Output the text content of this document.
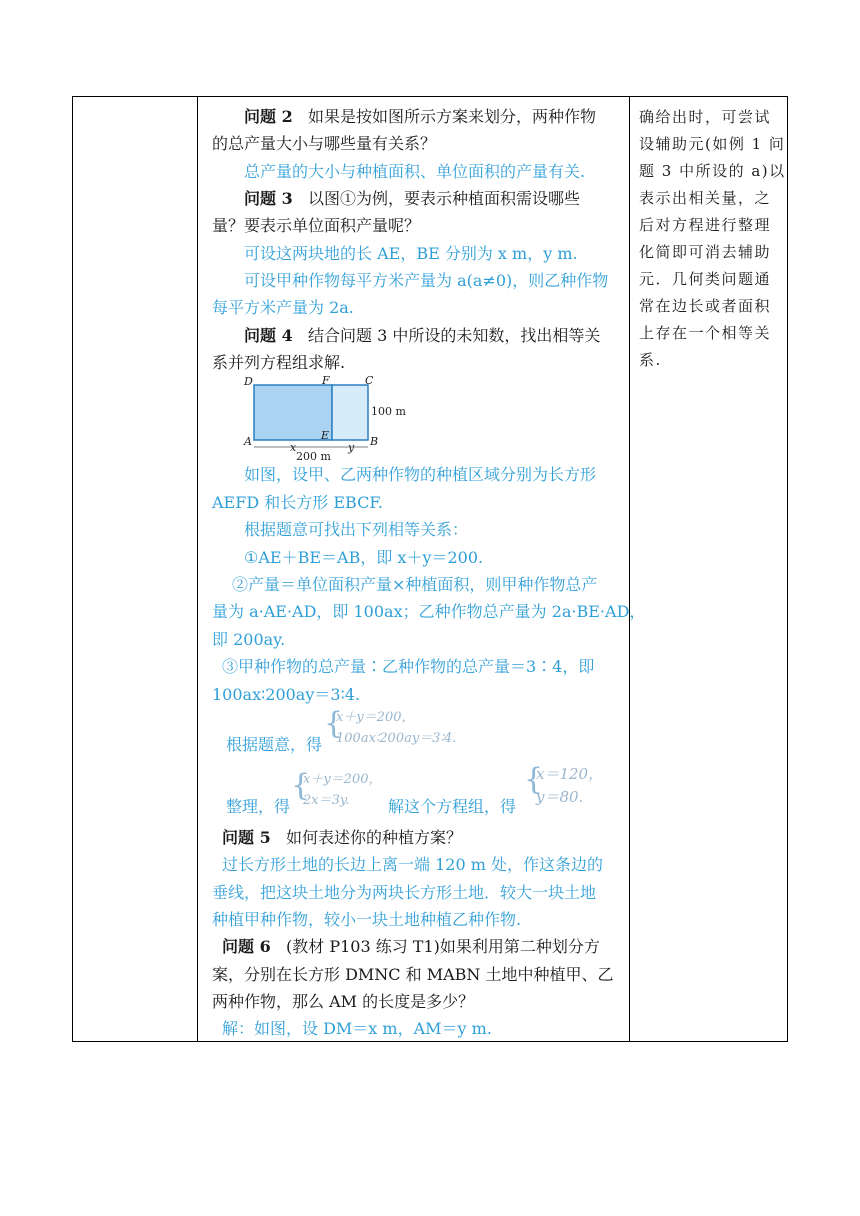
问题 2 如果是按如图所示方案来划分，两种作物
的总产量大小与哪些量有关系？
总产量的大小与种植面积、单位面积的产量有关.
问题 3 以图①为例，要表示种植面积需设哪些
量？要表示单位面积产量呢？
可设这两块地的长 AE，BE 分别为 x m，y m.
可设甲种作物每平方米产量为 a(a≠0)，则乙种作物
每平方米产量为 2a.
问题 4 结合问题 3 中所设的未知数，找出相等关
系并列方程组求解.
D	F	C
A	E	B
x	y
100 m
200 m
如图，设甲、乙两种作物的种植区域分别为长方形
AEFD 和长方形 EBCF.
根据题意可找出下列相等关系：
①AE＋BE＝AB，即 x＋y＝200.
②产量＝单位面积产量×种植面积，则甲种作物总产
量为 a·AE·AD，即 100ax；乙种作物总产量为 2a·BE·AD，
即 200ay.
③甲种作物的总产量∶乙种作物的总产量＝3∶4，即
100ax∶200ay＝3∶4.
根据题意，得
{
x＋y＝200，
100ax∶200ay＝3∶4.
整理，得
{
x＋y＝200，
2x＝3y. 解这个方程组，得
{
x＝120，
y＝80.
问题 5 如何表述你的种植方案？
过长方形土地的长边上离一端 120 m 处，作这条边的
垂线，把这块土地分为两块长方形土地．较大一块土地
种植甲种作物，较小一块土地种植乙种作物.
问题 6 (教材 P103 练习 T1)如果利用第二种划分方
案，分别在长方形 DMNC 和 MABN 土地中种植甲、乙
两种作物，那么 AM 的长度是多少？
解：如图，设 DM＝x m，AM＝y m.
确给出时，可尝试
设辅助元(如例 1 问
题 3 中所设的 a)以
表示出相关量，之
后对方程进行整理
化简即可消去辅助
元．几何类问题通
常在边长或者面积
上存在一个相等关
系.
